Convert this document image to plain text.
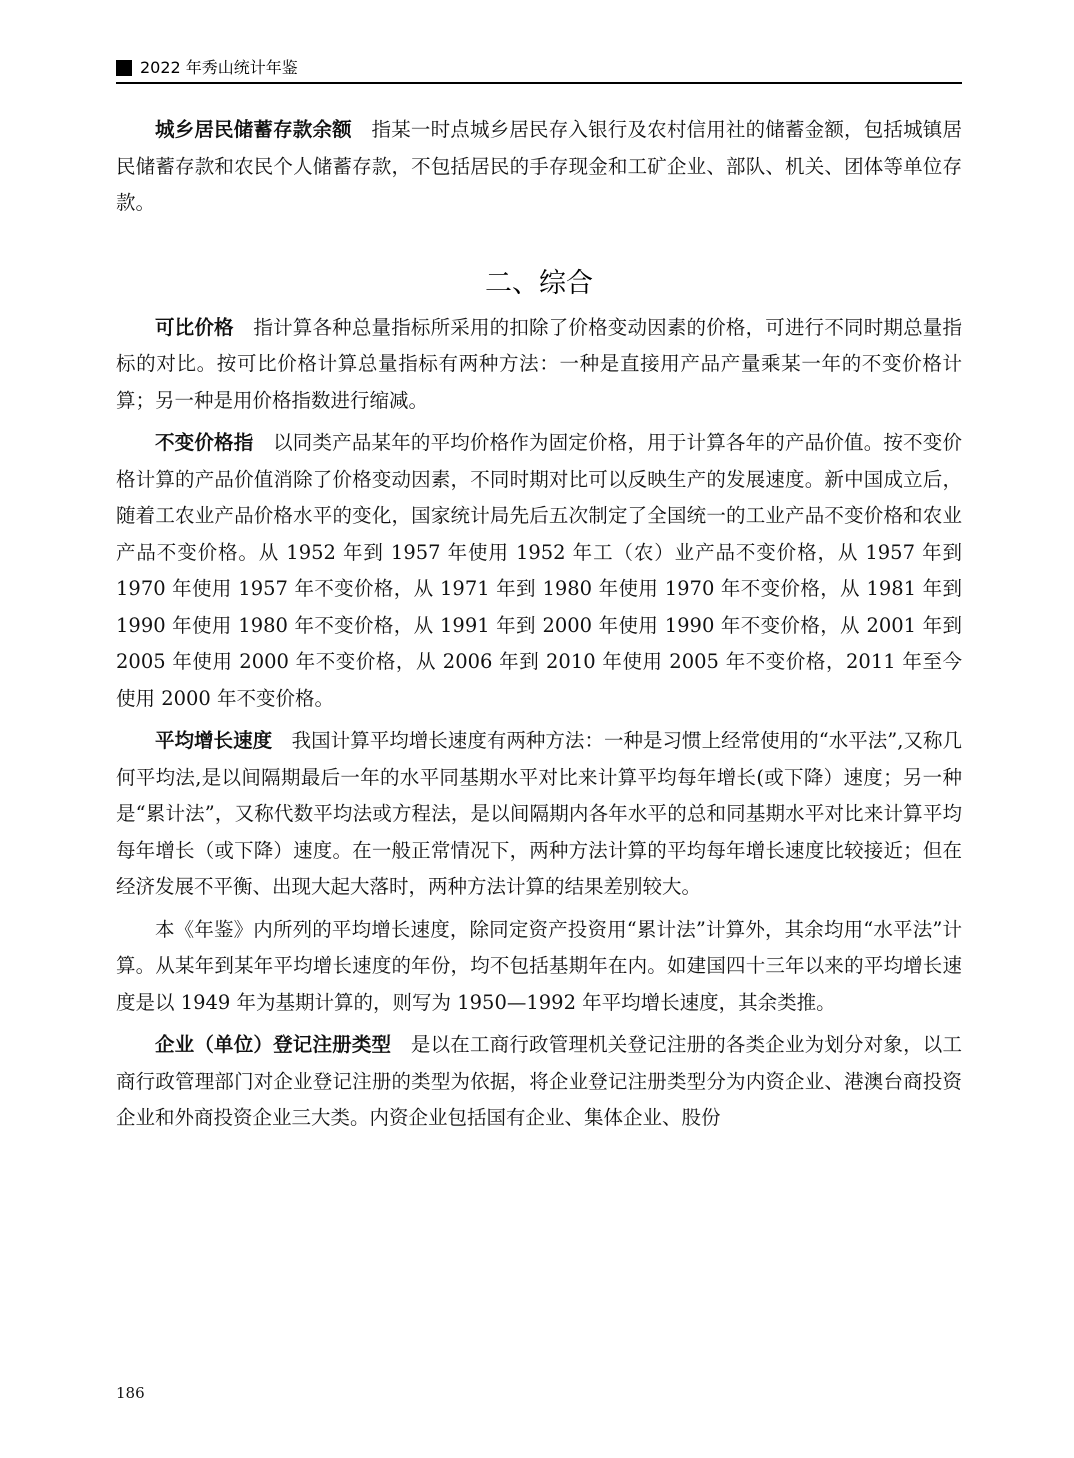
2022 年秀山统计年鉴

城乡居民储蓄存款余额 指某一时点城乡居民存入银行及农村信用社的储蓄金额，包括城镇居民储蓄存款和农民个人储蓄存款，不包括居民的手存现金和工矿企业、部队、机关、团体等单位存款。

二、综合

可比价格 指计算各种总量指标所采用的扣除了价格变动因素的价格，可进行不同时期总量指标的对比。按可比价格计算总量指标有两种方法：一种是直接用产品产量乘某一年的不变价格计算；另一种是用价格指数进行缩减。

不变价格指 以同类产品某年的平均价格作为固定价格，用于计算各年的产品价值。按不变价格计算的产品价值消除了价格变动因素，不同时期对比可以反映生产的发展速度。新中国成立后，随着工农业产品价格水平的变化，国家统计局先后五次制定了全国统一的工业产品不变价格和农业产品不变价格。从 1952 年到 1957 年使用 1952 年工（农）业产品不变价格，从 1957 年到 1970 年使用 1957 年不变价格，从 1971 年到 1980 年使用 1970 年不变价格，从 1981 年到 1990 年使用 1980 年不变价格，从 1991 年到 2000 年使用 1990 年不变价格，从 2001 年到 2005 年使用 2000 年不变价格，从 2006 年到 2010 年使用 2005 年不变价格，2011 年至今使用 2000 年不变价格。

平均增长速度 我国计算平均增长速度有两种方法：一种是习惯上经常使用的“水平法”,又称几何平均法,是以间隔期最后一年的水平同基期水平对比来计算平均每年增长(或下降）速度；另一种是“累计法”，又称代数平均法或方程法，是以间隔期内各年水平的总和同基期水平对比来计算平均每年增长（或下降）速度。在一般正常情况下，两种方法计算的平均每年增长速度比较接近；但在经济发展不平衡、出现大起大落时，两种方法计算的结果差别较大。

本《年鉴》内所列的平均增长速度，除同定资产投资用“累计法”计算外，其余均用“水平法”计算。从某年到某年平均增长速度的年份，均不包括基期年在内。如建国四十三年以来的平均增长速度是以 1949 年为基期计算的，则写为 1950—1992 年平均增长速度，其余类推。

企业（单位）登记注册类型 是以在工商行政管理机关登记注册的各类企业为划分对象，以工商行政管理部门对企业登记注册的类型为依据，将企业登记注册类型分为内资企业、港澳台商投资企业和外商投资企业三大类。内资企业包括国有企业、集体企业、股份

186
